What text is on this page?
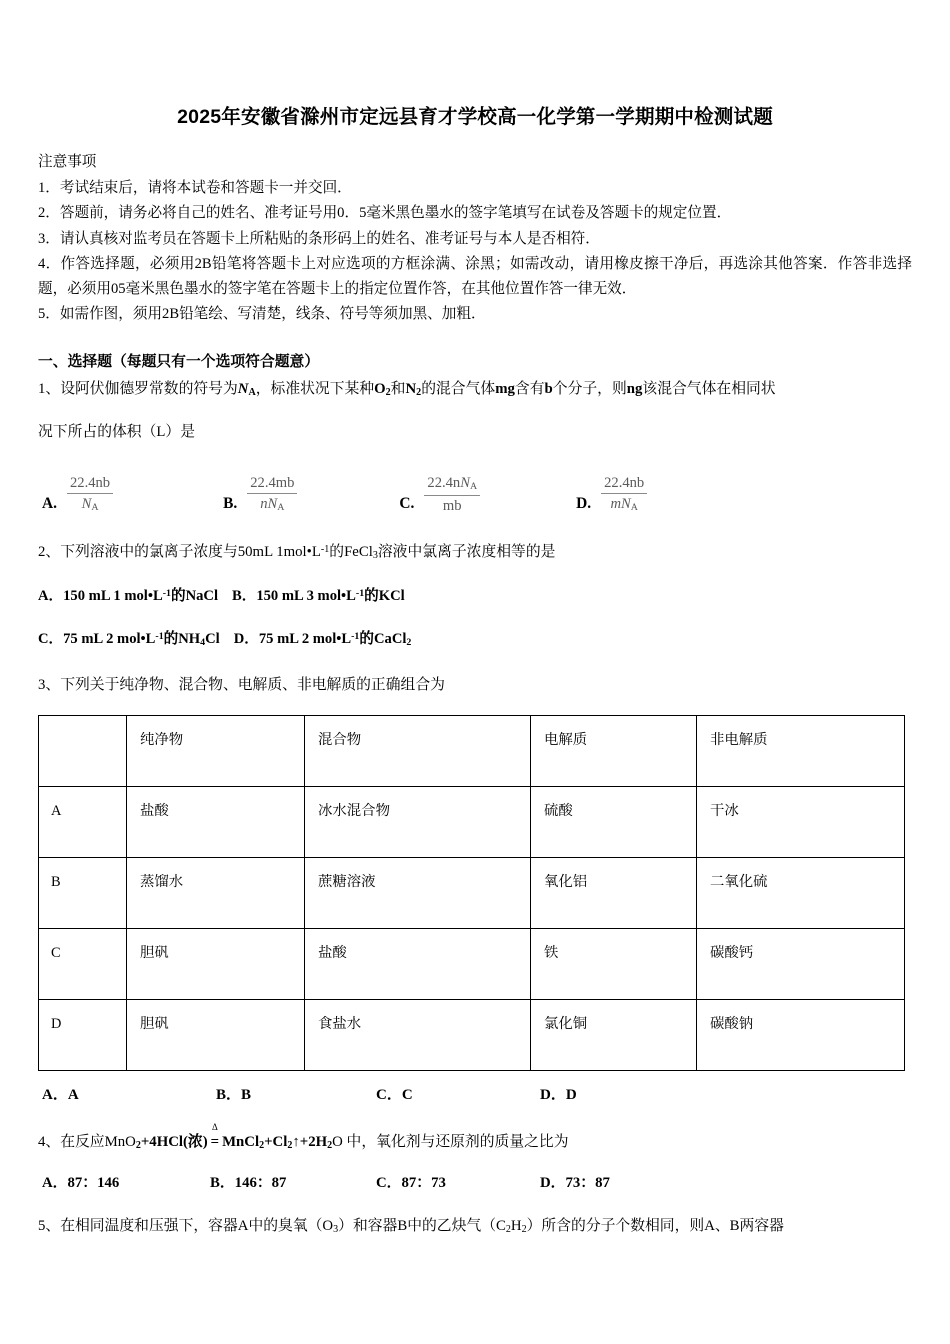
2025年安徽省滁州市定远县育才学校高一化学第一学期期中检测试题
注意事项
1．考试结束后，请将本试卷和答题卡一并交回．
2．答题前，请务必将自己的姓名、准考证号用0．5毫米黑色墨水的签字笔填写在试卷及答题卡的规定位置．
3．请认真核对监考员在答题卡上所粘贴的条形码上的姓名、准考证号与本人是否相符．
4．作答选择题，必须用2B铅笔将答题卡上对应选项的方框涂满、涂黑；如需改动，请用橡皮擦干净后，再选涂其他答案．作答非选择题，必须用05毫米黑色墨水的签字笔在答题卡上的指定位置作答，在其他位置作答一律无效．
5．如需作图，须用2B铅笔绘、写清楚，线条、符号等须加黑、加粗．
一、选择题（每题只有一个选项符合题意）
1、设阿伏伽德罗常数的符号为$N_A$，标准状况下某种$O_2$和$N_2$的混合气体mg含有b个分子，则ng该混合气体在相同状
况下所占的体积（L）是
A. $\frac{22.4nb}{N_A}$	B. $\frac{22.4mb}{nN_A}$	C. $\frac{22.4nN_A}{mb}$	D. $\frac{22.4nb}{mN_A}$
2、下列溶液中的氯离子浓度与50mL $1mol•L^{-1}$的FeCl$_3$溶液中氯离子浓度相等的是
A．150 mL 1 $mol•L^{-1}$的NaCl B．150 mL 3 $mol•L^{-1}$的KCl
C．75 mL 2 $mol•L^{-1}$的$NH_4Cl$ D．75 mL 2 $mol•L^{-1}$的CaCl$_2$
3、下列关于纯净物、混合物、电解质、非电解质的正确组合为
	纯净物	混合物	电解质	非电解质
A	盐酸	冰水混合物	硫酸	干冰
B	蒸馏水	蔗糖溶液	氧化铝	二氧化硫
C	胆矾	盐酸	铁	碳酸钙
D	胆矾	食盐水	氯化铜	碳酸钠
A．A	B．B	C．C	D．D
4、在反应MnO$_2$+4HCl(浓)
Δ
= $MnCl_2+Cl_2↑+2H_2O$ 中，氧化剂与还原剂的质量之比为
A．87：146	B．146：87	C．87：73	D．73：87
5、在相同温度和压强下，容器A中的臭氧$(O_3)$和容器B中的乙炔气$(C_2H_2)$所含的分子个数相同，则A、B两容器
